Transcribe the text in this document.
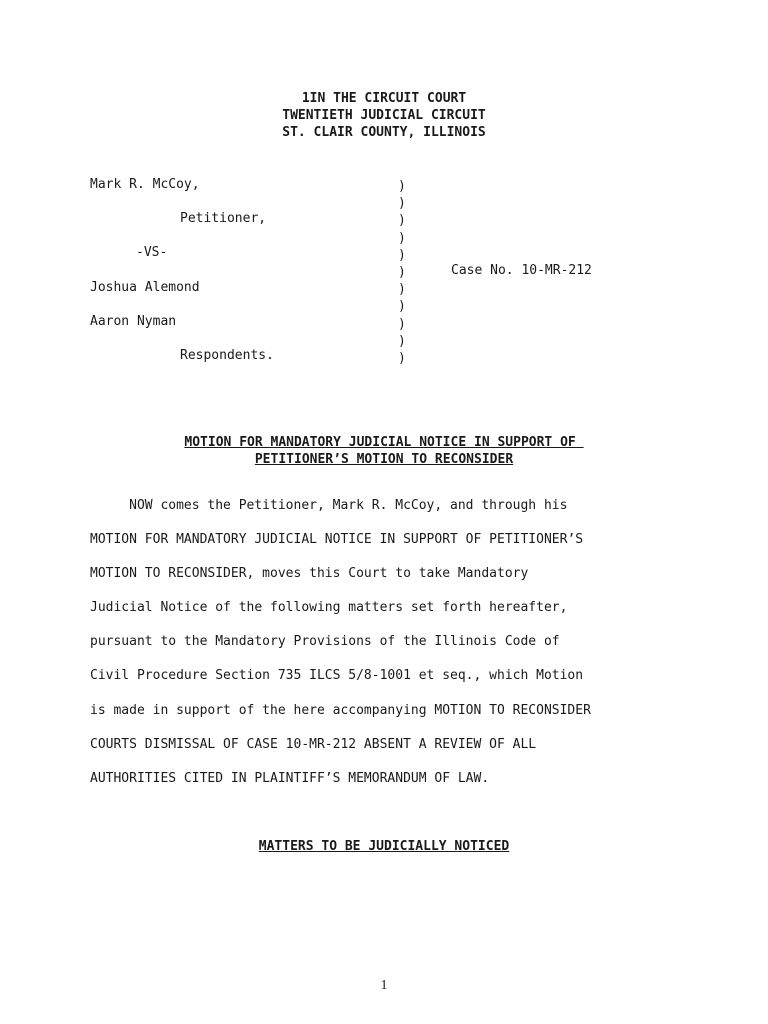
1IN THE CIRCUIT COURT
TWENTIETH JUDICIAL CIRCUIT
ST. CLAIR COUNTY, ILLINOIS
Mark R. McCoy,
Petitioner,
-VS-
Joshua Alemond
Aaron Nyman
Respondents.
)
)
)
)
)
)
)
)
)
)
)
Case No. 10-MR-212
MOTION FOR MANDATORY JUDICIAL NOTICE IN SUPPORT OF
PETITIONER’S MOTION TO RECONSIDER
NOW comes the Petitioner, Mark R. McCoy, and through his
MOTION FOR MANDATORY JUDICIAL NOTICE IN SUPPORT OF PETITIONER’S
MOTION TO RECONSIDER, moves this Court to take Mandatory
Judicial Notice of the following matters set forth hereafter,
pursuant to the Mandatory Provisions of the Illinois Code of
Civil Procedure Section 735 ILCS 5/8-1001 et seq., which Motion
is made in support of the here accompanying MOTION TO RECONSIDER
COURTS DISMISSAL OF CASE 10-MR-212 ABSENT A REVIEW OF ALL
AUTHORITIES CITED IN PLAINTIFF’S MEMORANDUM OF LAW.
MATTERS TO BE JUDICIALLY NOTICED
1
